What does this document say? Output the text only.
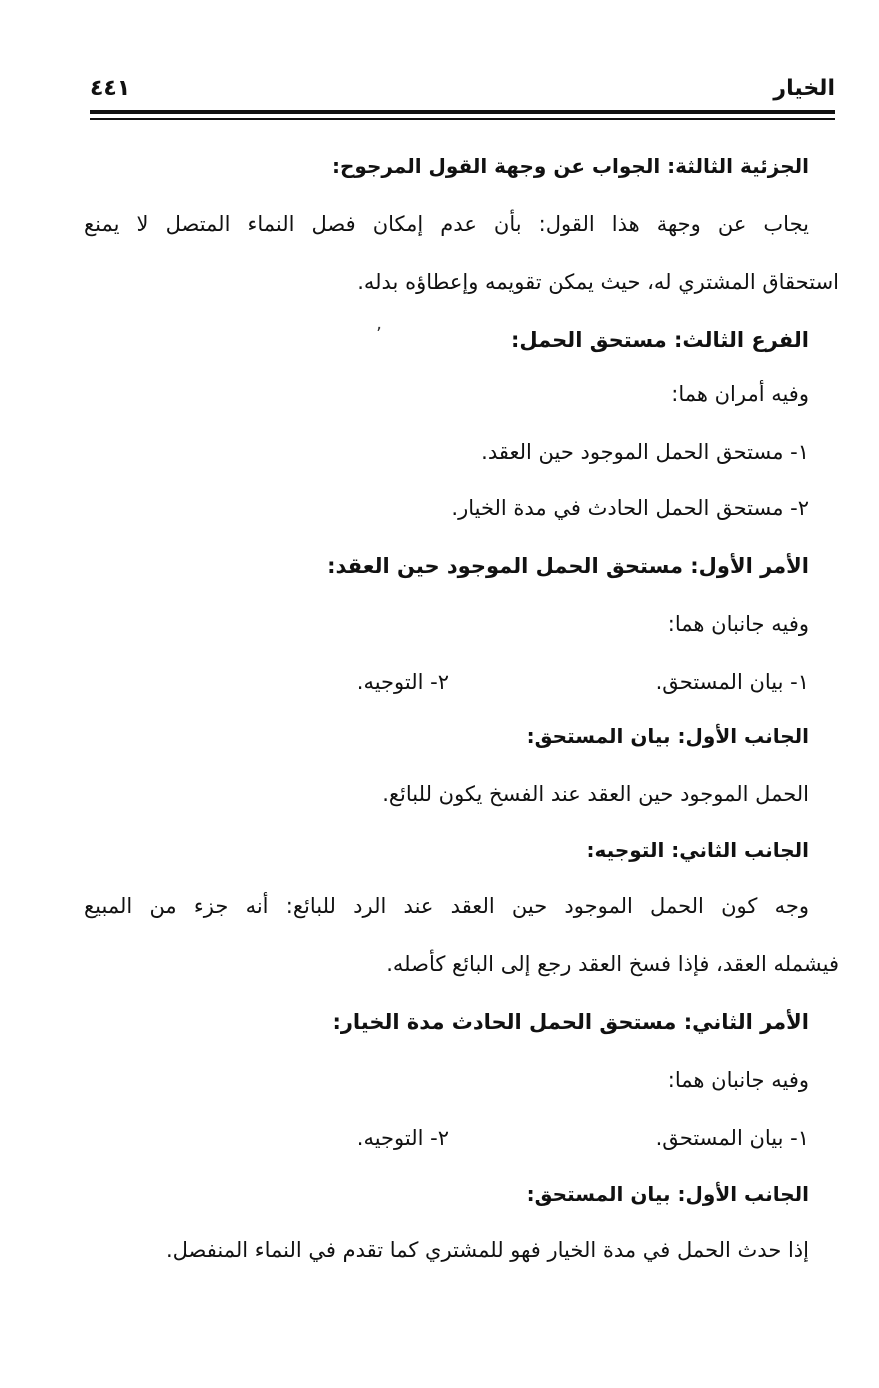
الخيار
٤٤١
الجزئية الثالثة: الجواب عن وجهة القول المرجوح:
يجاب عن وجهة هذا القول: بأن عدم إمكان فصل النماء المتصل لا يمنع
استحقاق المشتري له، حيث يمكن تقويمه وإعطاؤه بدله.
الفرع الثالث: مستحق الحمل:
ʼ
وفيه أمران هما:
١- مستحق الحمل الموجود حين العقد.
٢- مستحق الحمل الحادث في مدة الخيار.
الأمر الأول: مستحق الحمل الموجود حين العقد:
وفيه جانبان هما:
١- بيان المستحق.
٢- التوجيه.
الجانب الأول: بيان المستحق:
الحمل الموجود حين العقد عند الفسخ يكون للبائع.
الجانب الثاني: التوجيه:
وجه كون الحمل الموجود حين العقد عند الرد للبائع: أنه جزء من المبيع
فيشمله العقد، فإذا فسخ العقد رجع إلى البائع كأصله.
الأمر الثاني: مستحق الحمل الحادث مدة الخيار:
وفيه جانبان هما:
١- بيان المستحق.
٢- التوجيه.
الجانب الأول: بيان المستحق:
إذا حدث الحمل في مدة الخيار فهو للمشتري كما تقدم في النماء المنفصل.
